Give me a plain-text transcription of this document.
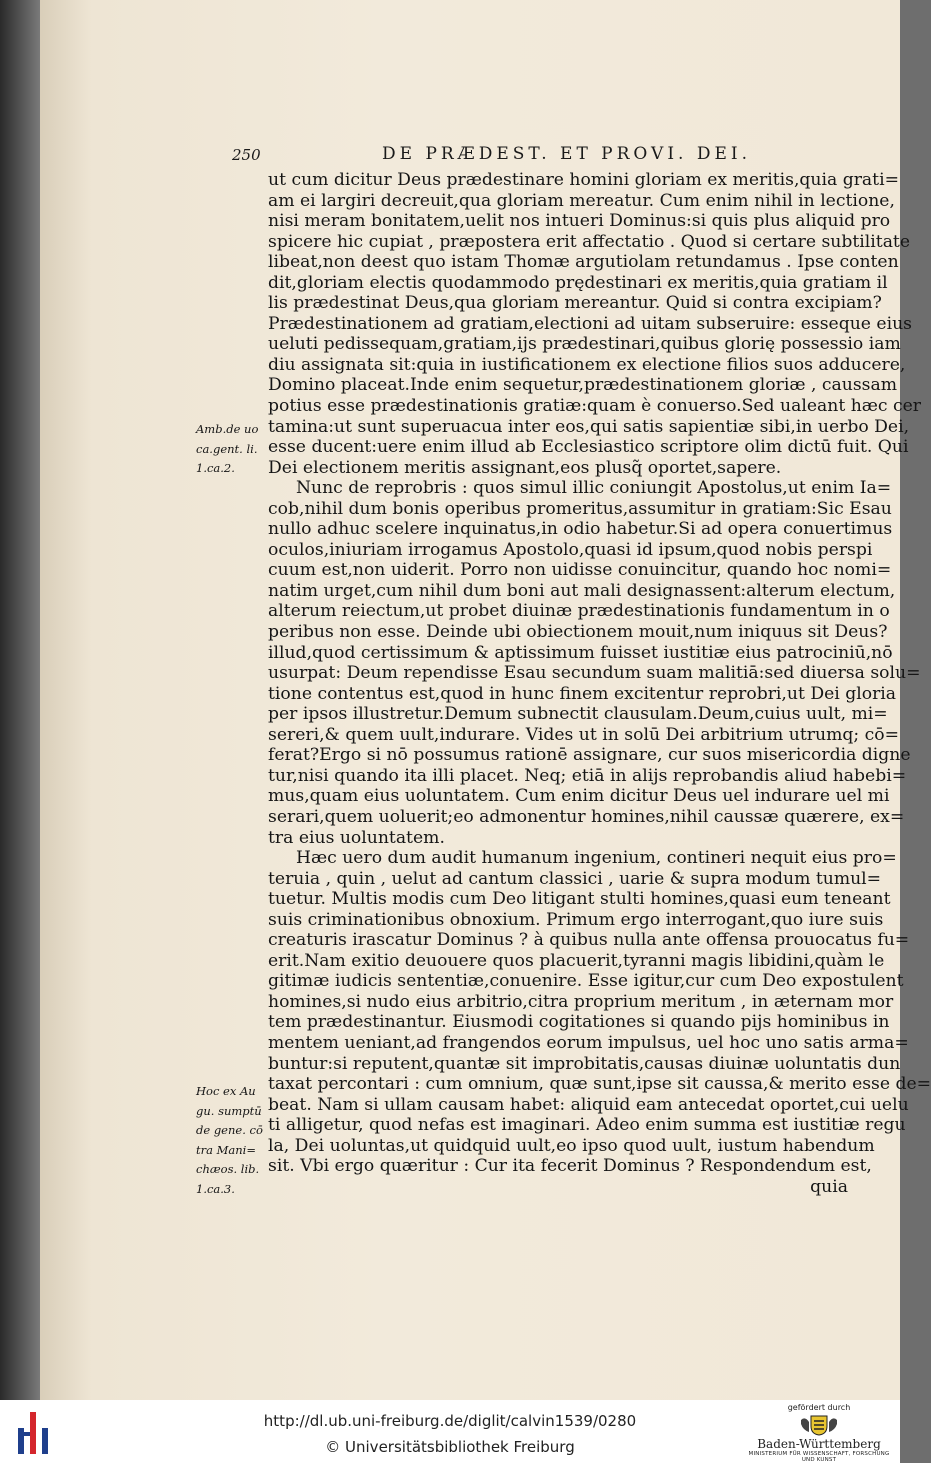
250	DE PRÆDEST. ET PROVI. DEI.
ut cum dicitur Deus prædestinare homini gloriam ex meritis,quia grati=
am ei largiri decreuit,qua gloriam mereatur. Cum enim nihil in lectione,
nisi meram bonitatem,uelit nos intueri Dominus:si quis plus aliquid pro
spicere hic cupiat , præpostera erit affectatio . Quod si certare subtilitate
libeat,non deest quo istam Thomæ argutiolam retundamus . Ipse conten
dit,gloriam electis quodammodo prędestinari ex meritis,quia gratiam il
lis prædestinat Deus,qua gloriam mereantur. Quid si contra excipiam?
Prædestinationem ad gratiam,electioni ad uitam subseruire: esseque eius
ueluti pedissequam,gratiam,ijs prædestinari,quibus glorię possessio iam
diu assignata sit:quia in iustificationem ex electione filios suos adducere,
Domino placeat.Inde enim sequetur,prædestinationem gloriæ , caussam
potius esse prædestinationis gratiæ:quam è conuerso.Sed ualeant hæc cer
tamina:ut sunt superuacua inter eos,qui satis sapientiæ sibi,in uerbo Dei,
esse ducent:uere enim illud ab Ecclesiastico scriptore olim dictū fuit. Qui
Dei electionem meritis assignant,eos plusq̃ oportet,sapere.
Nunc de reprobris : quos simul illic coniungit Apostolus,ut enim Ia=
cob,nihil dum bonis operibus promeritus,assumitur in gratiam:Sic Esau
nullo adhuc scelere inquinatus,in odio habetur.Si ad opera conuertimus
oculos,iniuriam irrogamus Apostolo,quasi id ipsum,quod nobis perspi
cuum est,non uiderit. Porro non uidisse conuincitur, quando hoc nomi=
natim urget,cum nihil dum boni aut mali designassent:alterum electum,
alterum reiectum,ut probet diuinæ prædestinationis fundamentum in o
peribus non esse. Deinde ubi obiectionem mouit,num iniquus sit Deus?
illud,quod certissimum & aptissimum fuisset iustitiæ eius patrociniū,nō
usurpat: Deum rependisse Esau secundum suam malitiā:sed diuersa solu=
tione contentus est,quod in hunc finem excitentur reprobri,ut Dei gloria
per ipsos illustretur.Demum subnectit clausulam.Deum,cuius uult, mi=
sereri,& quem uult,indurare. Vides ut in solū Dei arbitrium utrumq; cō=
ferat?Ergo si nō possumus rationē assignare, cur suos misericordia digne
tur,nisi quando ita illi placet. Neq; etiā in alijs reprobandis aliud habebi=
mus,quam eius uoluntatem. Cum enim dicitur Deus uel indurare uel mi
serari,quem uoluerit;eo admonentur homines,nihil caussæ quærere, ex=
tra eius uoluntatem.
Hæc uero dum audit humanum ingenium, contineri nequit eius pro=
teruia , quin , uelut ad cantum classici , uarie & supra modum tumul=
tuetur. Multis modis cum Deo litigant stulti homines,quasi eum teneant
suis criminationibus obnoxium. Primum ergo interrogant,quo iure suis
creaturis irascatur Dominus ? à quibus nulla ante offensa prouocatus fu=
erit.Nam exitio deuouere quos placuerit,tyranni magis libidini,quàm le
gitimæ iudicis sententiæ,conuenire. Esse igitur,cur cum Deo expostulent
homines,si nudo eius arbitrio,citra proprium meritum , in æternam mor
tem prædestinantur. Eiusmodi cogitationes si quando pijs hominibus in
mentem ueniant,ad frangendos eorum impulsus, uel hoc uno satis arma=
buntur:si reputent,quantæ sit improbitatis,causas diuinæ uoluntatis dun
taxat percontari : cum omnium, quæ sunt,ipse sit caussa,& merito esse de=
beat. Nam si ullam causam habet: aliquid eam antecedat oportet,cui uelu
ti alligetur, quod nefas est imaginari. Adeo enim summa est iustitiæ regu
la, Dei uoluntas,ut quidquid uult,eo ipso quod uult, iustum habendum
sit. Vbi ergo quæritur : Cur ita fecerit Dominus ? Respondendum est,
quia
Amb.de uo
ca.gent. li.
1.ca.2.
Hoc ex Au
gu. sumptū
de gene. cō
tra Mani=
chæos. lib.
1.ca.3.
http://dl.ub.uni-freiburg.de/diglit/calvin1539/0280
© Universitätsbibliothek Freiburg
gefördert durch
Baden-Württemberg
MINISTERIUM FÜR WISSENSCHAFT, FORSCHUNG UND KUNST
